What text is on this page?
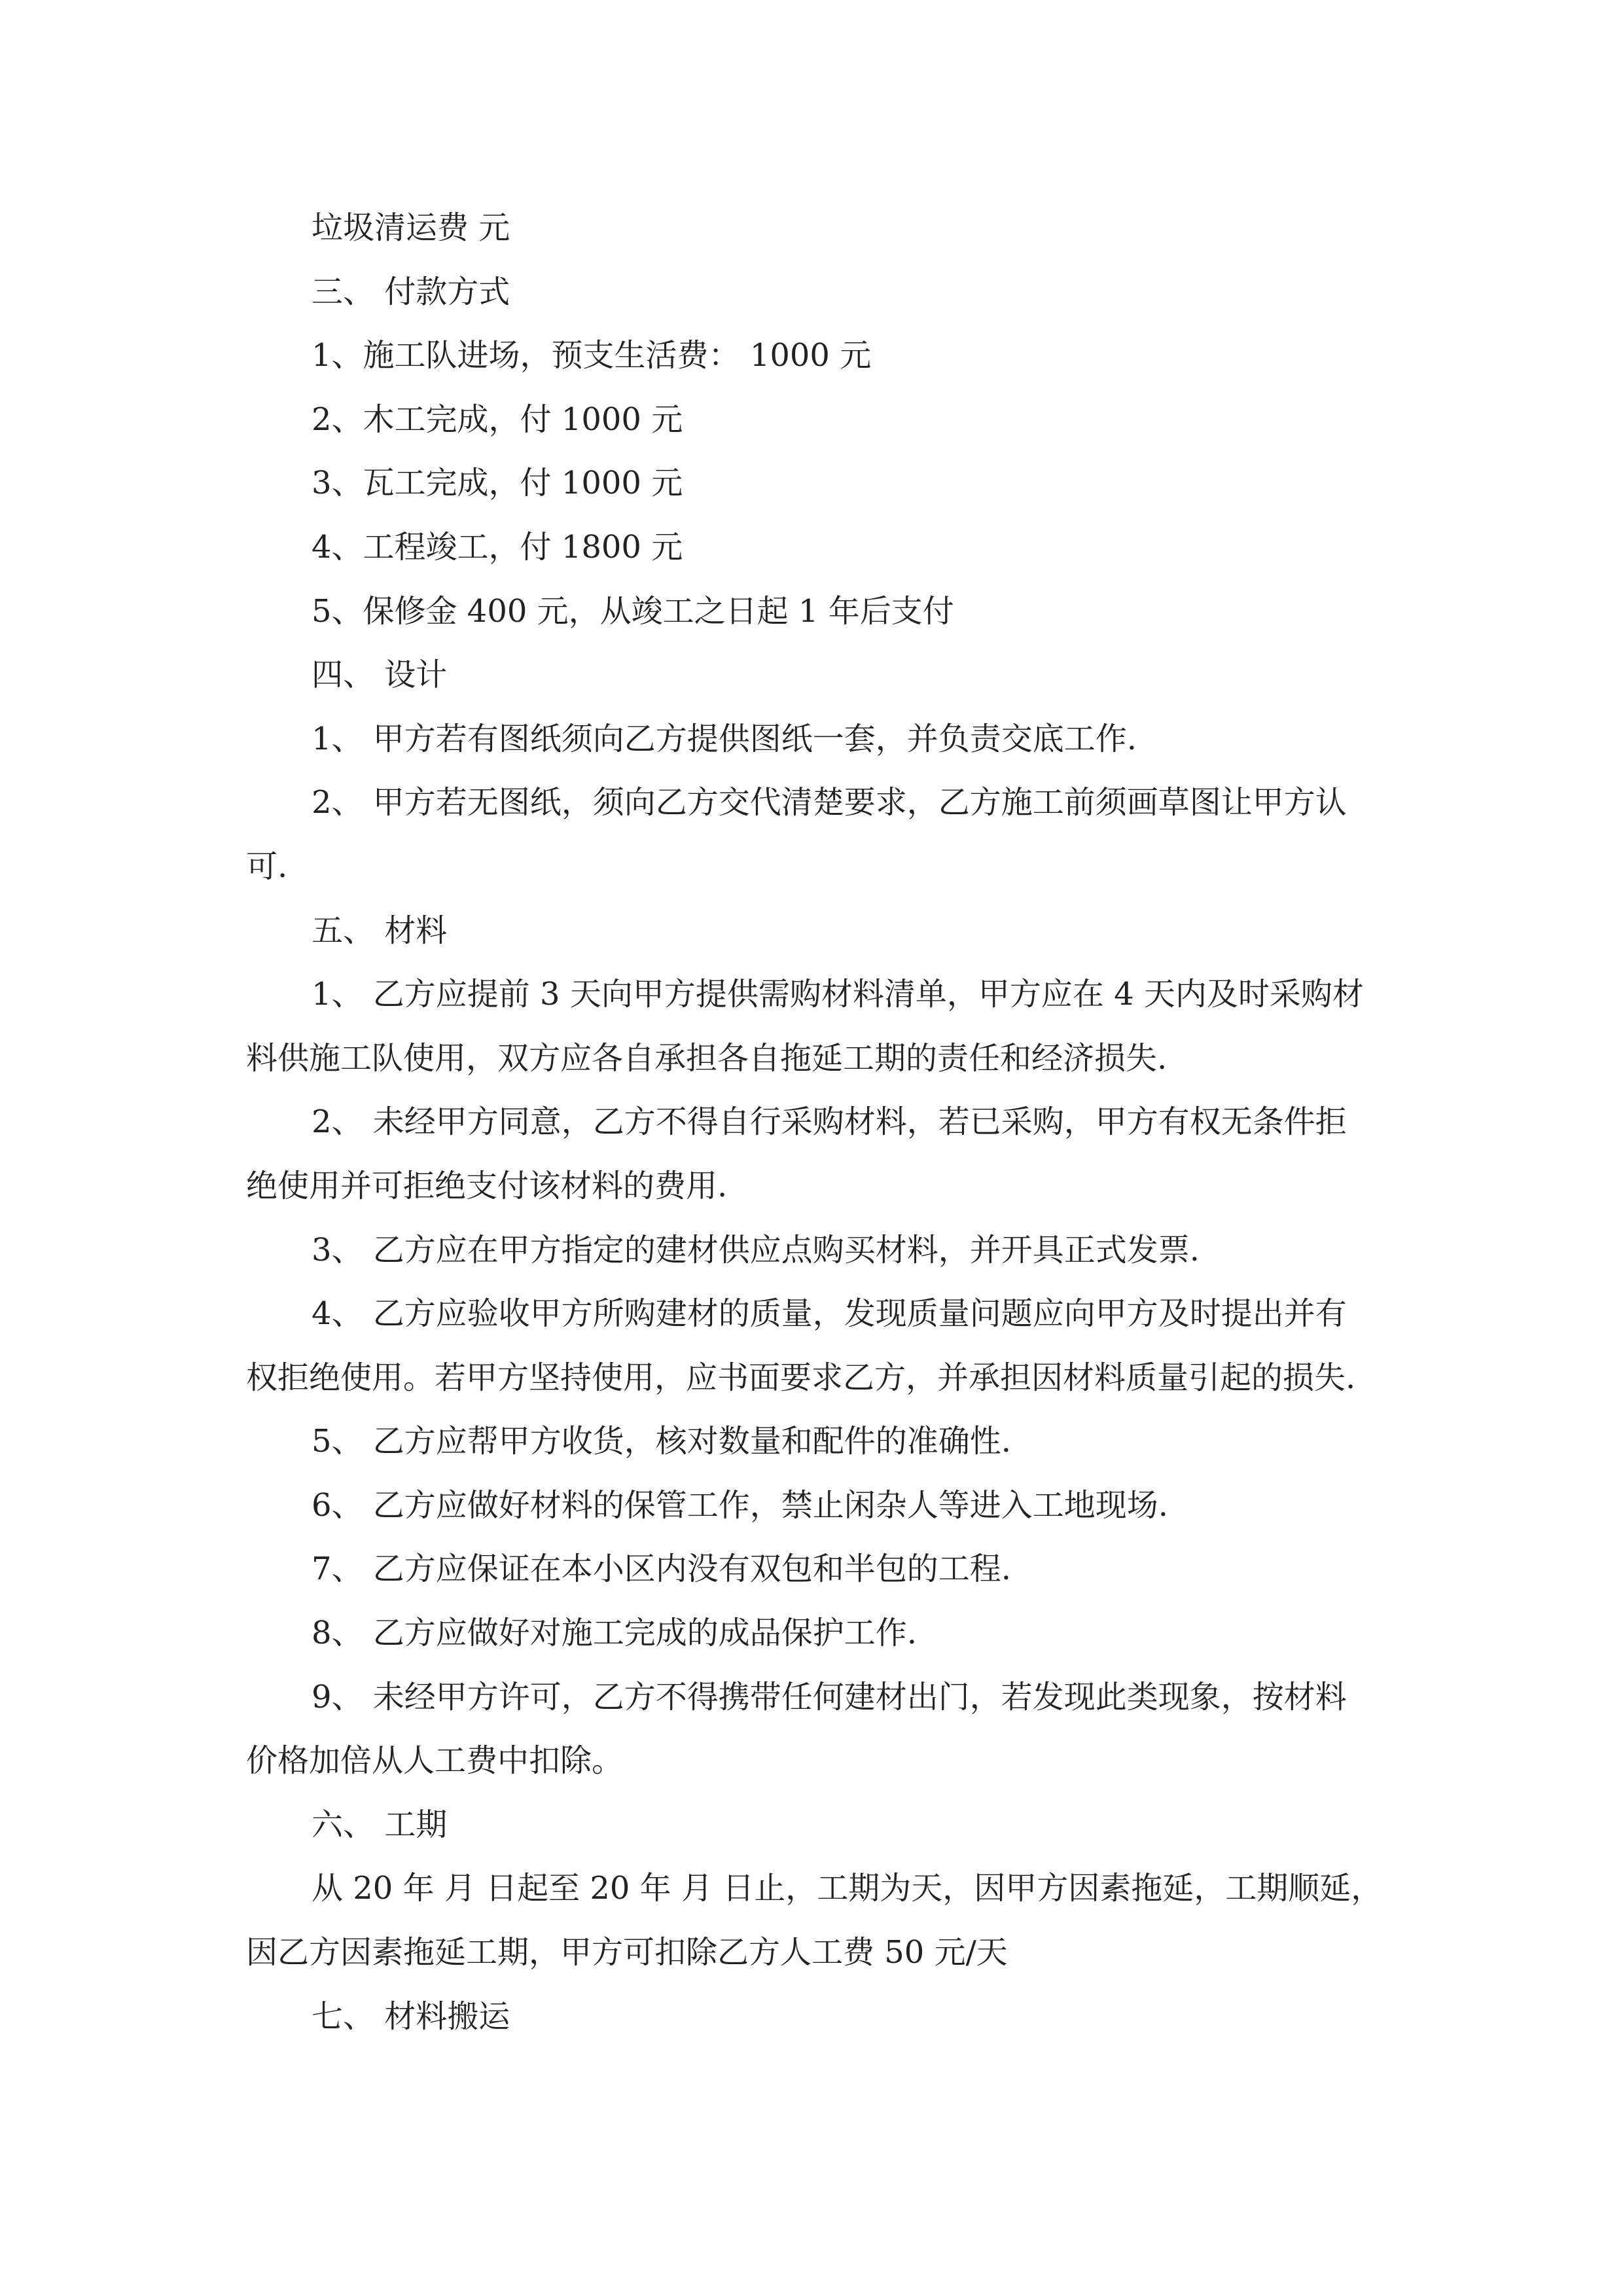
垃圾清运费 元
三、 付款方式
1、施工队进场，预支生活费： 1000 元
2、木工完成，付 1000 元
3、瓦工完成，付 1000 元
4、工程竣工，付 1800 元
5、保修金 400 元，从竣工之日起 1 年后支付
四、 设计
1、 甲方若有图纸须向乙方提供图纸一套，并负责交底工作.
2、 甲方若无图纸，须向乙方交代清楚要求，乙方施工前须画草图让甲方认
可.
五、 材料
1、 乙方应提前 3 天向甲方提供需购材料清单，甲方应在 4 天内及时采购材
料供施工队使用，双方应各自承担各自拖延工期的责任和经济损失.
2、 未经甲方同意，乙方不得自行采购材料，若已采购，甲方有权无条件拒
绝使用并可拒绝支付该材料的费用.
3、 乙方应在甲方指定的建材供应点购买材料，并开具正式发票.
4、 乙方应验收甲方所购建材的质量，发现质量问题应向甲方及时提出并有
权拒绝使用。若甲方坚持使用，应书面要求乙方，并承担因材料质量引起的损失.
5、 乙方应帮甲方收货，核对数量和配件的准确性.
6、 乙方应做好材料的保管工作，禁止闲杂人等进入工地现场.
7、 乙方应保证在本小区内没有双包和半包的工程.
8、 乙方应做好对施工完成的成品保护工作.
9、 未经甲方许可，乙方不得携带任何建材出门，若发现此类现象，按材料
价格加倍从人工费中扣除。
六、 工期
从 20 年 月 日起至 20 年 月 日止，工期为天，因甲方因素拖延，工期顺延，
因乙方因素拖延工期，甲方可扣除乙方人工费 50 元/天
七、 材料搬运
